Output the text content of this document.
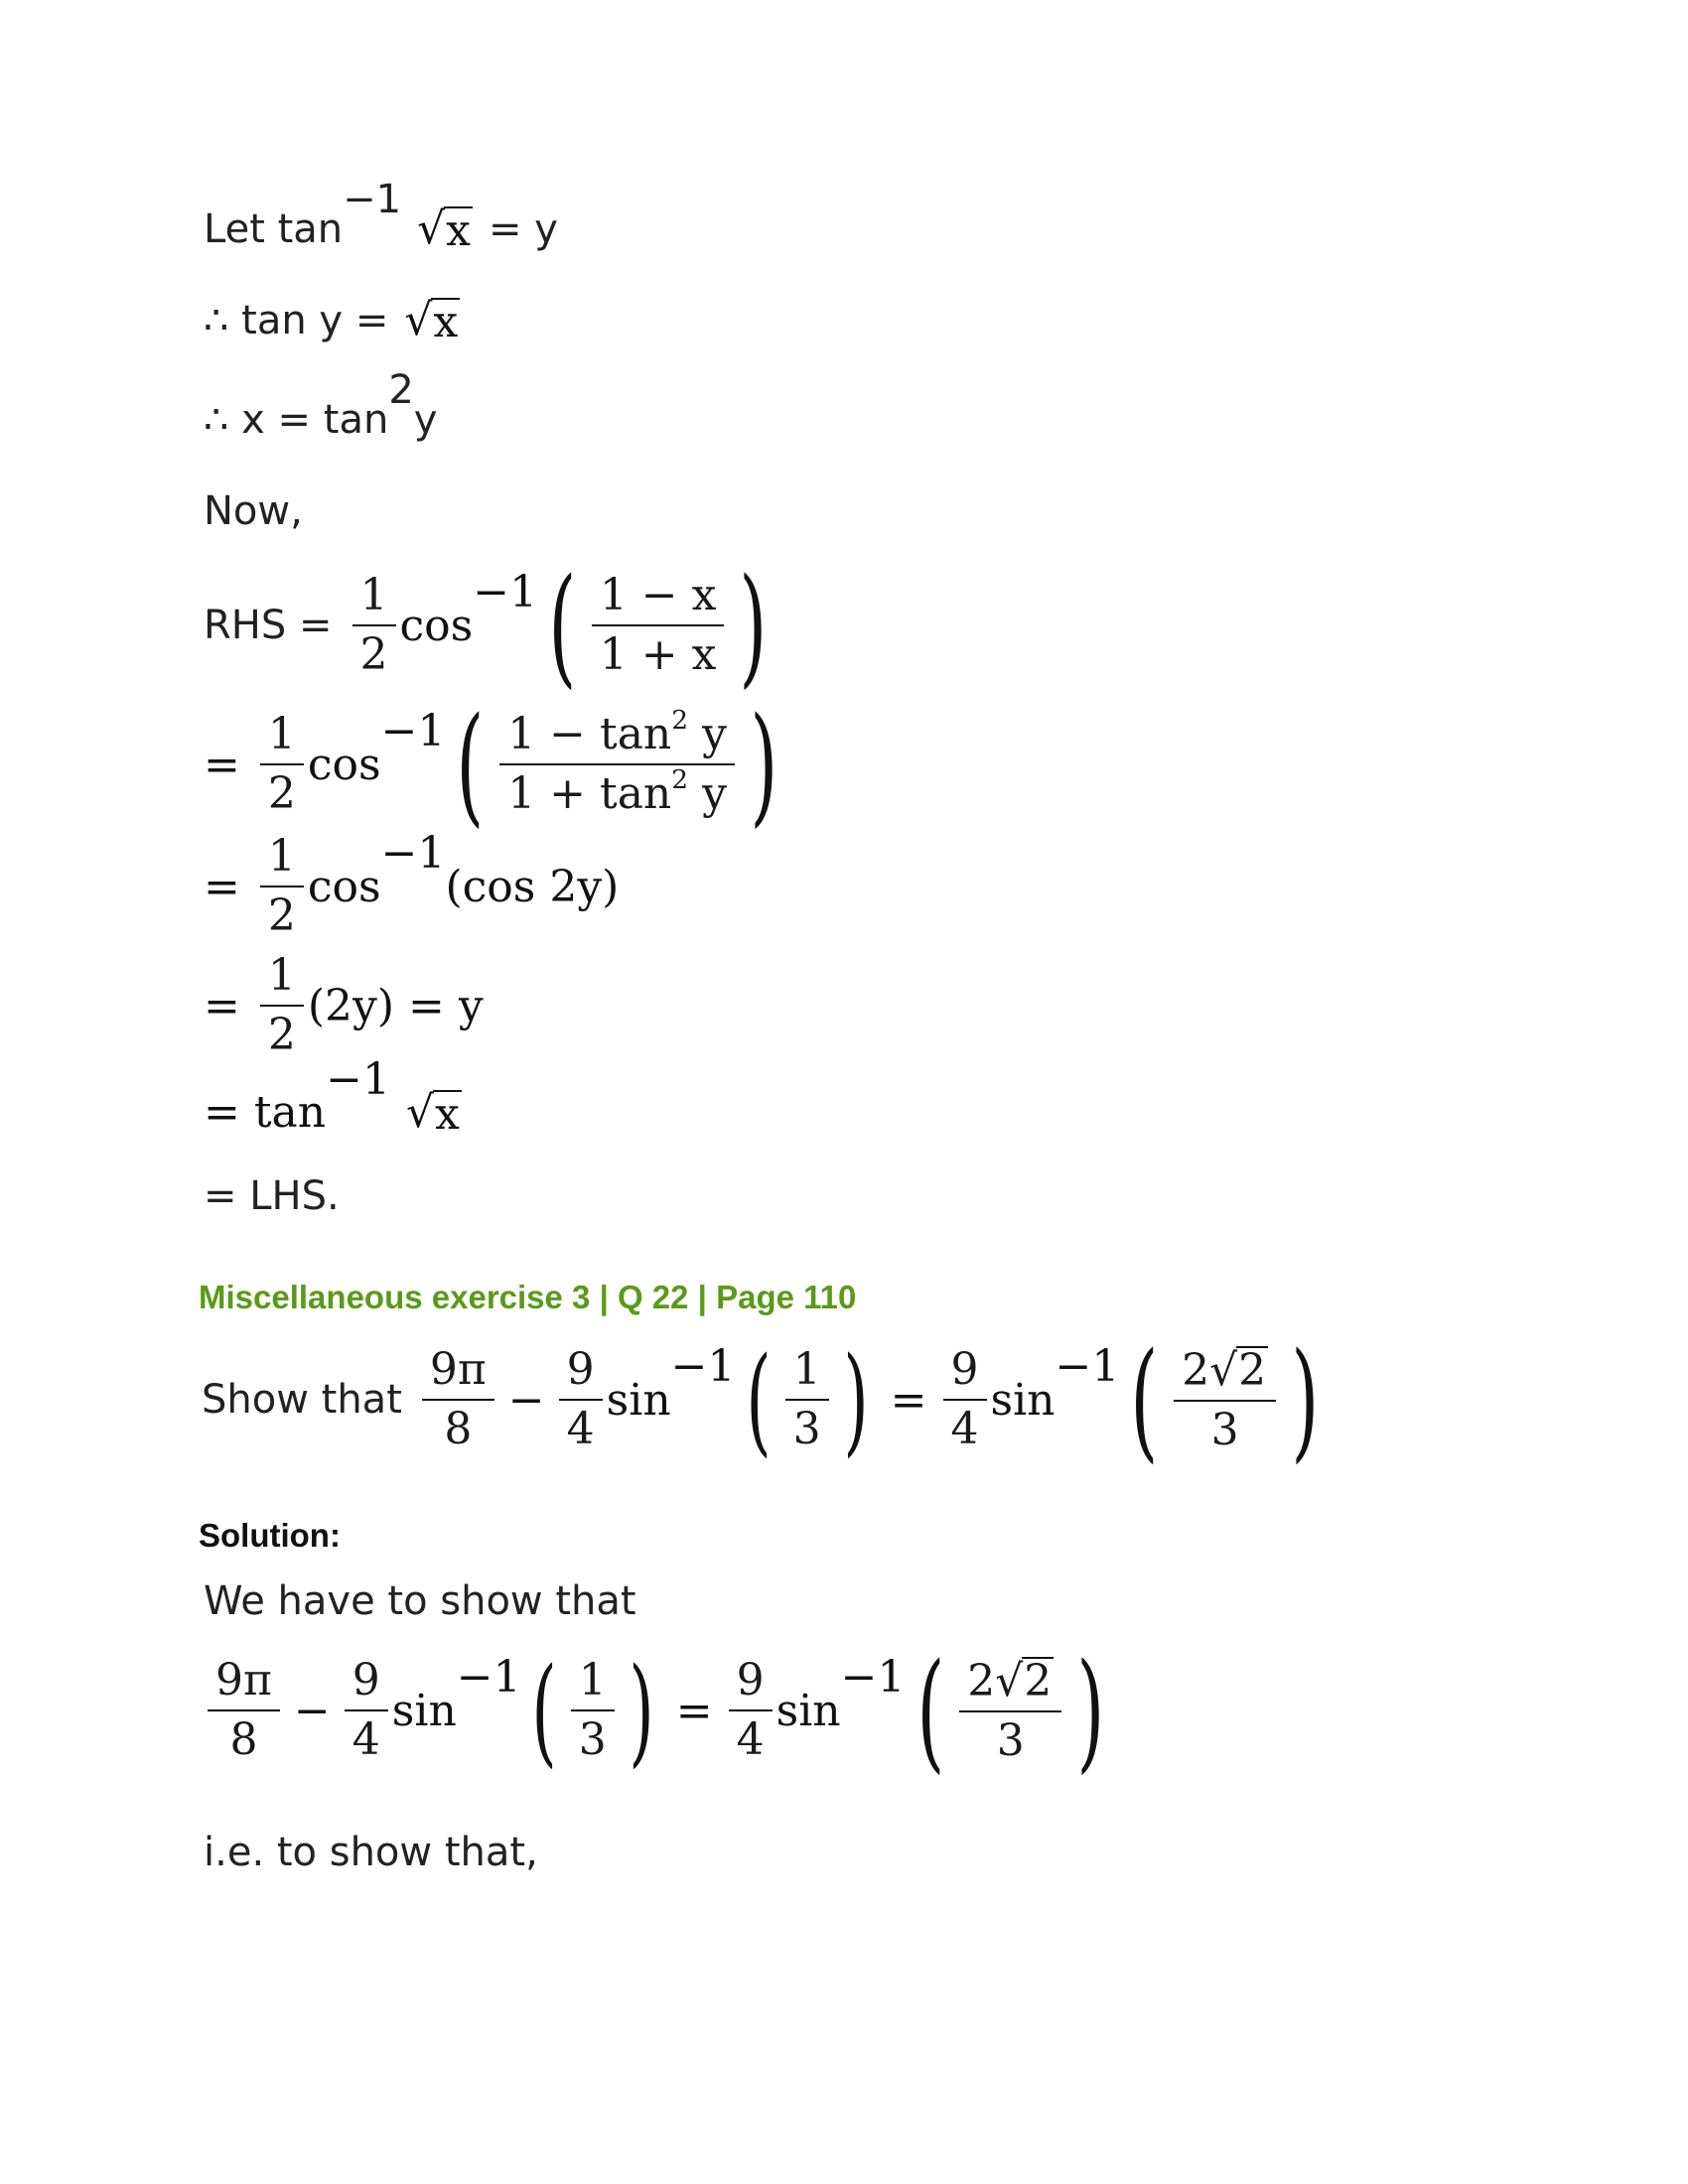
Let tan
$^{-1}$
√ x = y
∴ tan y = √ x
∴ x = tan
$^2$
y
Now,
RHS = $\frac{1}{2}$ cos
$^{-1}$ ( $\frac{1 - x}{1 + x}$ )
= $\frac{1}{2}$ cos
$^{-1}$ ( $\frac{1 - \tan^2 y}{1 + \tan^2 y}$ )
= $\frac{1}{2}$ cos
$^{-1}$
(cos 2y)
= $\frac{1}{2} (2y) = y$
= tan
$^{-1}$
√ x
= LHS.
Miscellaneous exercise 3 | Q 22 | Page 110
Show that $\frac{9\pi}{8} - \frac{9}{4}$ sin
$^{-1}$ ( $\frac{1}{3}$ ) = $\frac{9}{4}$ sin
$^{-1}$ ( $\frac{2 √ 2}{3}$ )
Solution:
We have to show that
$\frac{9\pi}{8} - \frac{9}{4}$ sin
$^{-1}$ ( $\frac{1}{3}$ ) = $\frac{9}{4}$ sin
$^{-1}$ ( $\frac{2 √ 2}{3}$ )
i.e. to show that,
